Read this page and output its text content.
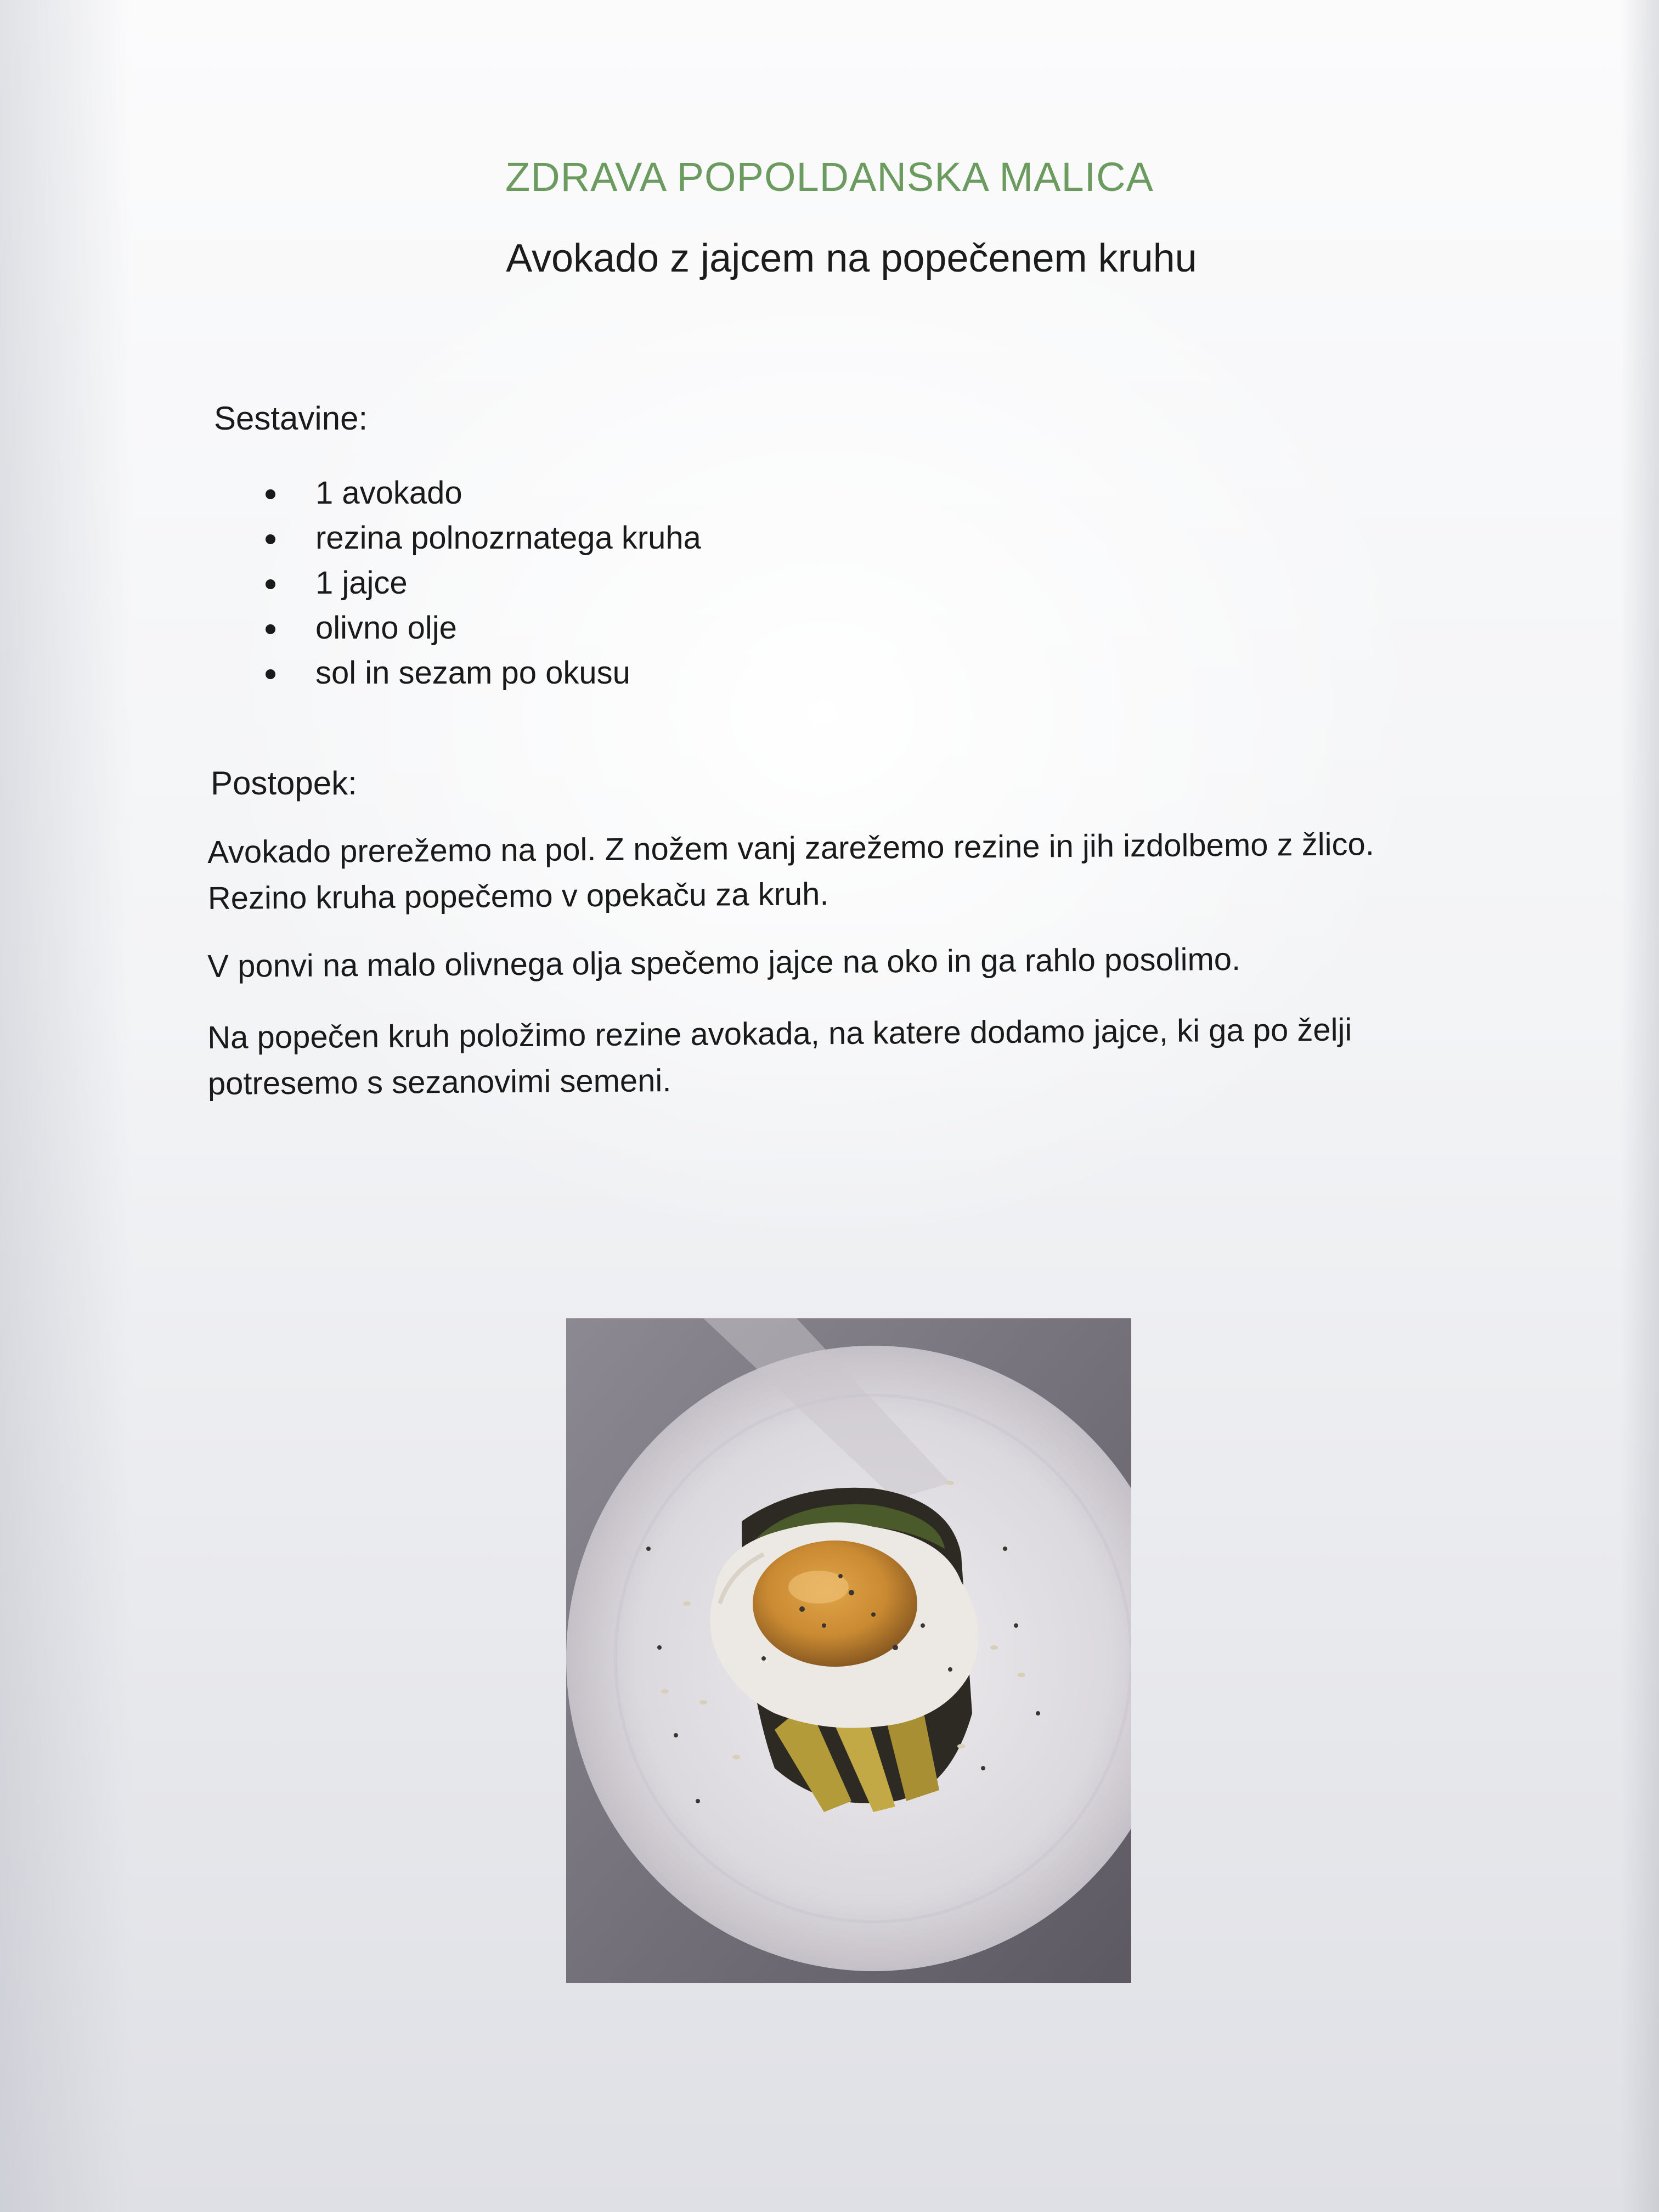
ZDRAVA POPOLDANSKA MALICA
Avokado z jajcem na popečenem kruhu
Sestavine:
1 avokado
rezina polnozrnatega kruha
1 jajce
olivno olje
sol in sezam po okusu
Postopek:
Avokado prerežemo na pol. Z nožem vanj zarežemo rezine in jih izdolbemo z žlico. Rezino kruha popečemo v opekaču za kruh.
V ponvi na malo olivnega olja spečemo jajce na oko in ga rahlo posolimo.
Na popečen kruh položimo rezine avokada, na katere dodamo jajce, ki ga po želji potresemo s sezanovimi semeni.
